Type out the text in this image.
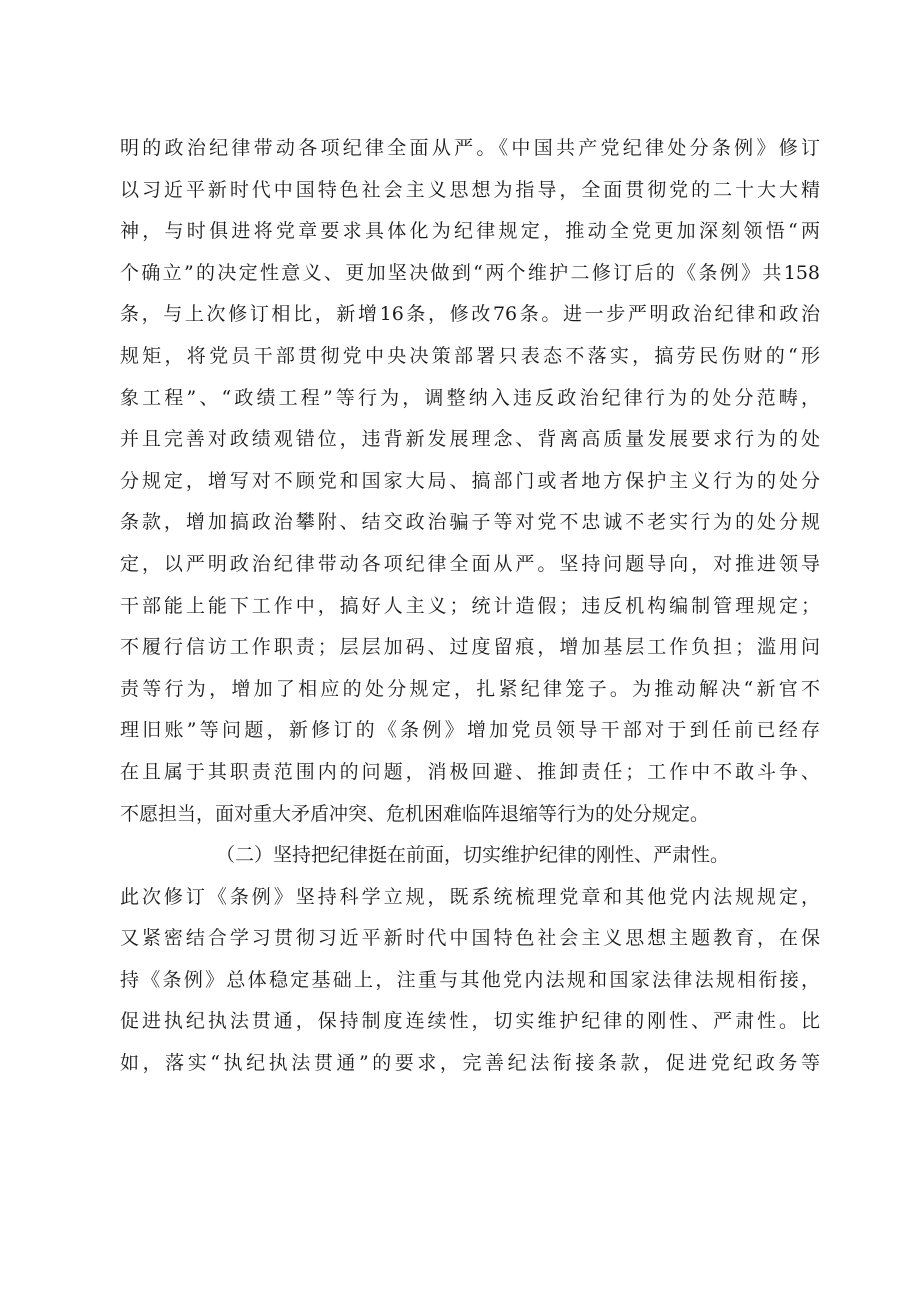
明的政治纪律带动各项纪律全面从严。《中国共产党纪律处分条例》修订
以习近平新时代中国特色社会主义思想为指导，全面贯彻党的二十大大精
神，与时俱进将党章要求具体化为纪律规定，推动全党更加深刻领悟“两
个确立”的决定性意义、更加坚决做到“两个维护二修订后的《条例》共158
条，与上次修订相比，新增16条，修改76条。进一步严明政治纪律和政治
规矩，将党员干部贯彻党中央决策部署只表态不落实，搞劳民伤财的“形
象工程”、“政绩工程”等行为，调整纳入违反政治纪律行为的处分范畴，
并且完善对政绩观错位，违背新发展理念、背离高质量发展要求行为的处
分规定，增写对不顾党和国家大局、搞部门或者地方保护主义行为的处分
条款，增加搞政治攀附、结交政治骗子等对党不忠诚不老实行为的处分规
定，以严明政治纪律带动各项纪律全面从严。坚持问题导向，对推进领导
干部能上能下工作中，搞好人主义；统计造假；违反机构编制管理规定；
不履行信访工作职责；层层加码、过度留痕，增加基层工作负担；滥用问
责等行为，增加了相应的处分规定，扎紧纪律笼子。为推动解决“新官不
理旧账”等问题，新修订的《条例》增加党员领导干部对于到任前已经存
在且属于其职责范围内的问题，消极回避、推卸责任；工作中不敢斗争、
不愿担当，面对重大矛盾冲突、危机困难临阵退缩等行为的处分规定。
（二）坚持把纪律挺在前面，切实维护纪律的刚性、严肃性。
此次修订《条例》坚持科学立规，既系统梳理党章和其他党内法规规定，
又紧密结合学习贯彻习近平新时代中国特色社会主义思想主题教育，在保
持《条例》总体稳定基础上，注重与其他党内法规和国家法律法规相衔接，
促进执纪执法贯通，保持制度连续性，切实维护纪律的刚性、严肃性。比
如，落实“执纪执法贯通”的要求，完善纪法衔接条款，促进党纪政务等
